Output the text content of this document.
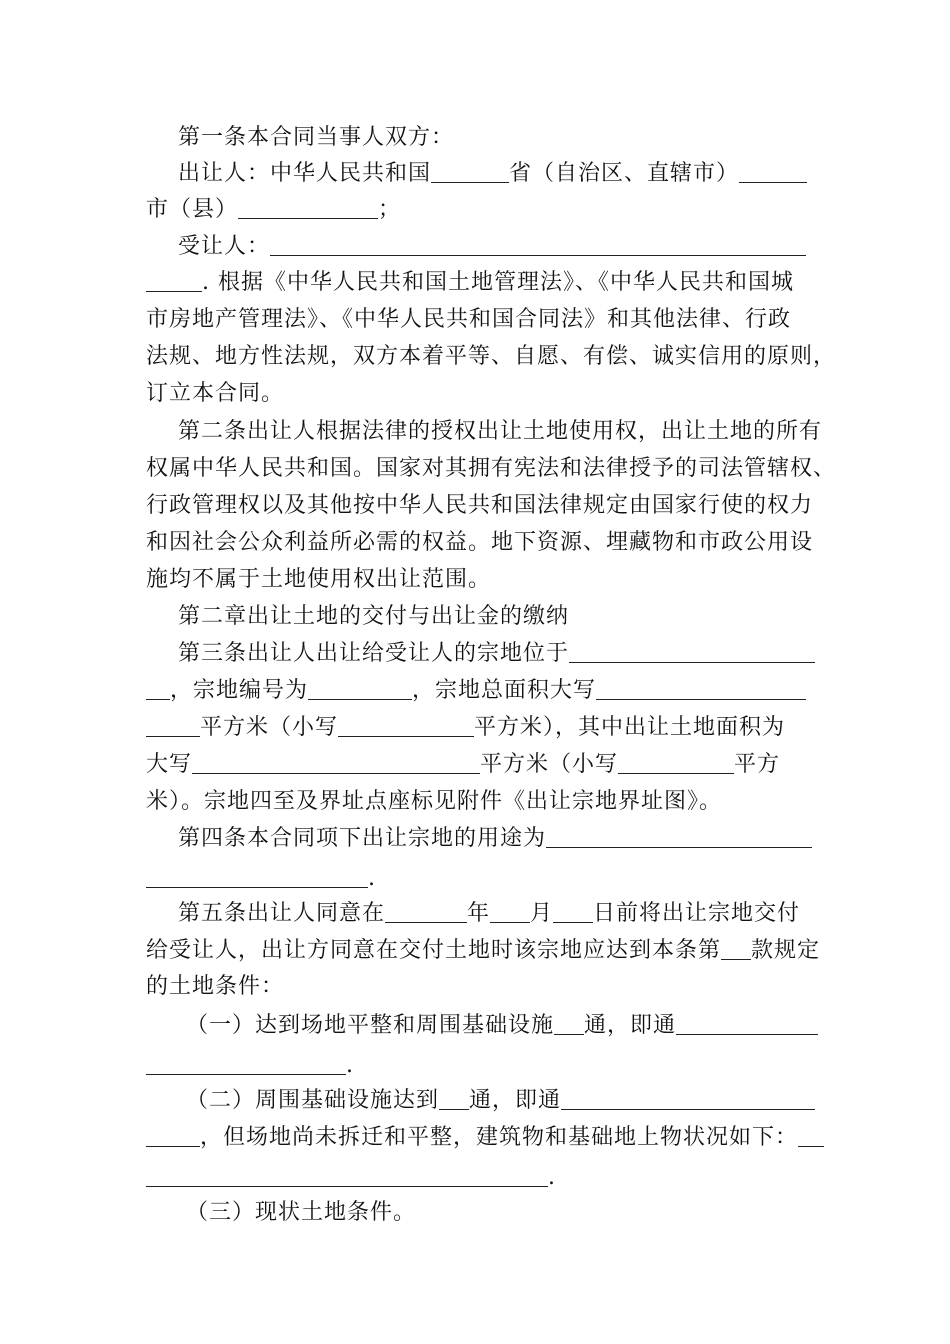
第一条本合同当事人双方：
出让人：中华人民共和国	省（自治区、直辖市）
市（县）	；
受让人：
. 根据《中华人民共和国土地管理法》、《中华人民共和国城
市房地产管理法》、《中华人民共和国合同法》和其他法律、行政
法规、地方性法规，双方本着平等、自愿、有偿、诚实信用的原则，
订立本合同。
第二条出让人根据法律的授权出让土地使用权，出让土地的所有
权属中华人民共和国。国家对其拥有宪法和法律授予的司法管辖权、
行政管理权以及其他按中华人民共和国法律规定由国家行使的权力
和因社会公众利益所必需的权益。地下资源、埋藏物和市政公用设
施均不属于土地使用权出让范围。
第二章出让土地的交付与出让金的缴纳
第三条出让人出让给受让人的宗地位于
，宗地编号为	，宗地总面积大写
平方米（小写	平方米），其中出让土地面积为
大写	平方米（小写	平方
米）。宗地四至及界址点座标见附件《出让宗地界址图》。
第四条本合同项下出让宗地的用途为
.
第五条出让人同意在	年 月 日前将出让宗地交付
给受让人，出让方同意在交付土地时该宗地应达到本条第 款规定
的土地条件：
（一）达到场地平整和周围基础设施 通，即通
.
（二）周围基础设施达到 通，即通
，但场地尚未拆迁和平整，建筑物和基础地上物状况如下：
.
（三）现状土地条件。
